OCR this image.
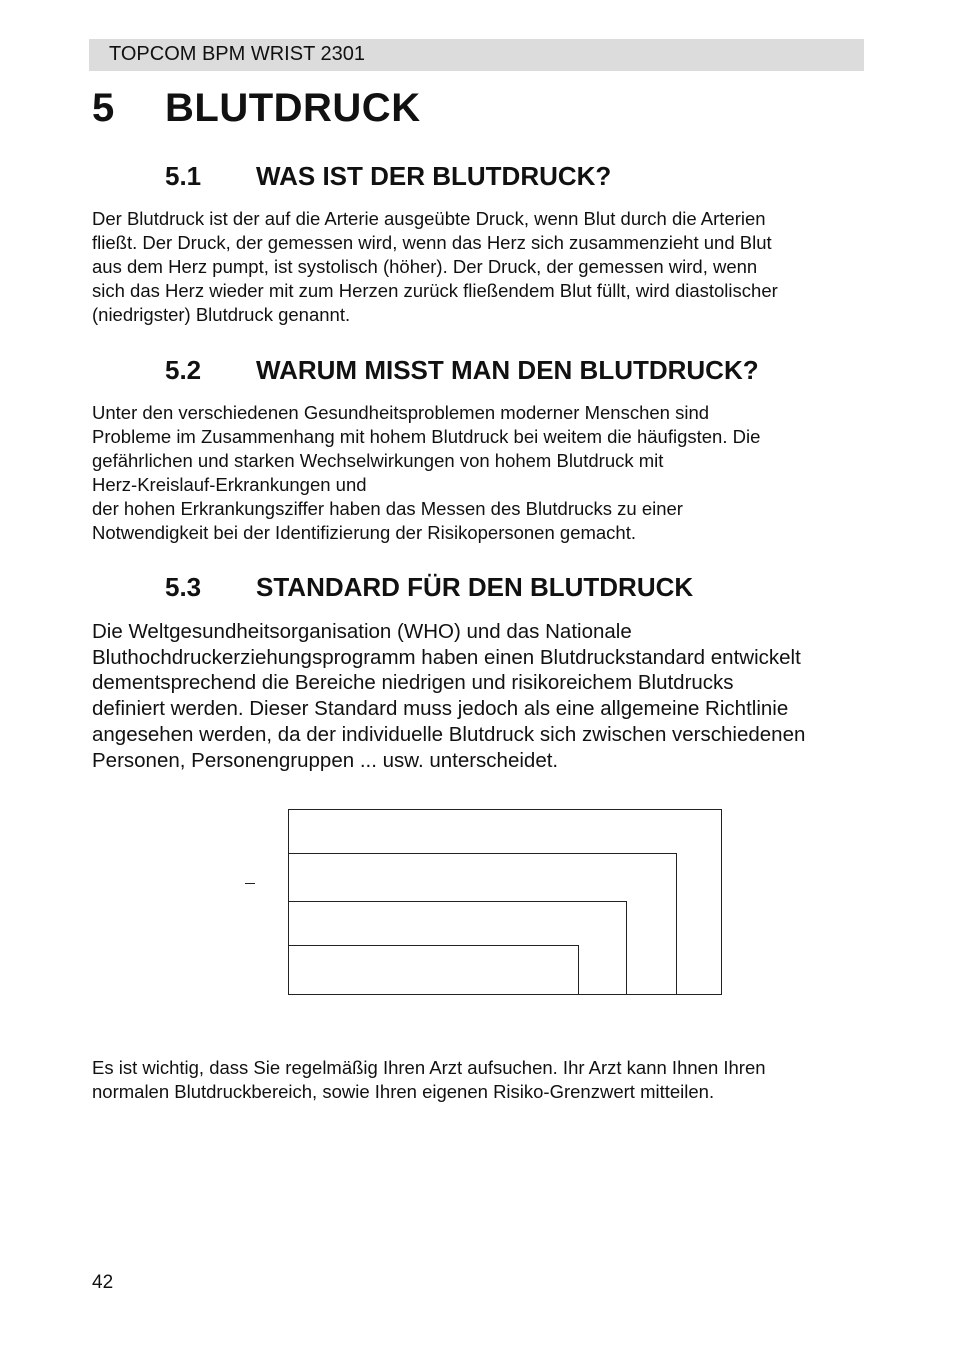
TOPCOM BPM WRIST 2301
5 BLUTDRUCK
5.1 WAS IST DER BLUTDRUCK?

Der Blutdruck ist der auf die Arterie ausgeübte Druck, wenn Blut durch die Arterien
fließt. Der Druck, der gemessen wird, wenn das Herz sich zusammenzieht und Blut
aus dem Herz pumpt, ist systolisch (höher). Der Druck, der gemessen wird, wenn
sich das Herz wieder mit zum Herzen zurück fließendem Blut füllt, wird diastolischer
(niedrigster) Blutdruck genannt.

5.2 WARUM MISST MAN DEN BLUTDRUCK?

Unter den verschiedenen Gesundheitsproblemen moderner Menschen sind
Probleme im Zusammenhang mit hohem Blutdruck bei weitem die häufigsten. Die
gefährlichen und starken Wechselwirkungen von hohem Blutdruck mit
Herz-Kreislauf-Erkrankungen und
der hohen Erkrankungsziffer haben das Messen des Blutdrucks zu einer
Notwendigkeit bei der Identifizierung der Risikopersonen gemacht.

5.3 STANDARD FÜR DEN BLUTDRUCK

Die Weltgesundheitsorganisation (WHO) und das Nationale
Bluthochdruckerziehungsprogramm haben einen Blutdruckstandard entwickelt
dementsprechend die Bereiche niedrigen und risikoreichem Blutdrucks
definiert werden. Dieser Standard muss jedoch als eine allgemeine Richtlinie
angesehen werden, da der individuelle Blutdruck sich zwischen verschiedenen
Personen, Personengruppen ... usw. unterscheidet.

Es ist wichtig, dass Sie regelmäßig Ihren Arzt aufsuchen. Ihr Arzt kann Ihnen Ihren
normalen Blutdruckbereich, sowie Ihren eigenen Risiko-Grenzwert mitteilen.

42
